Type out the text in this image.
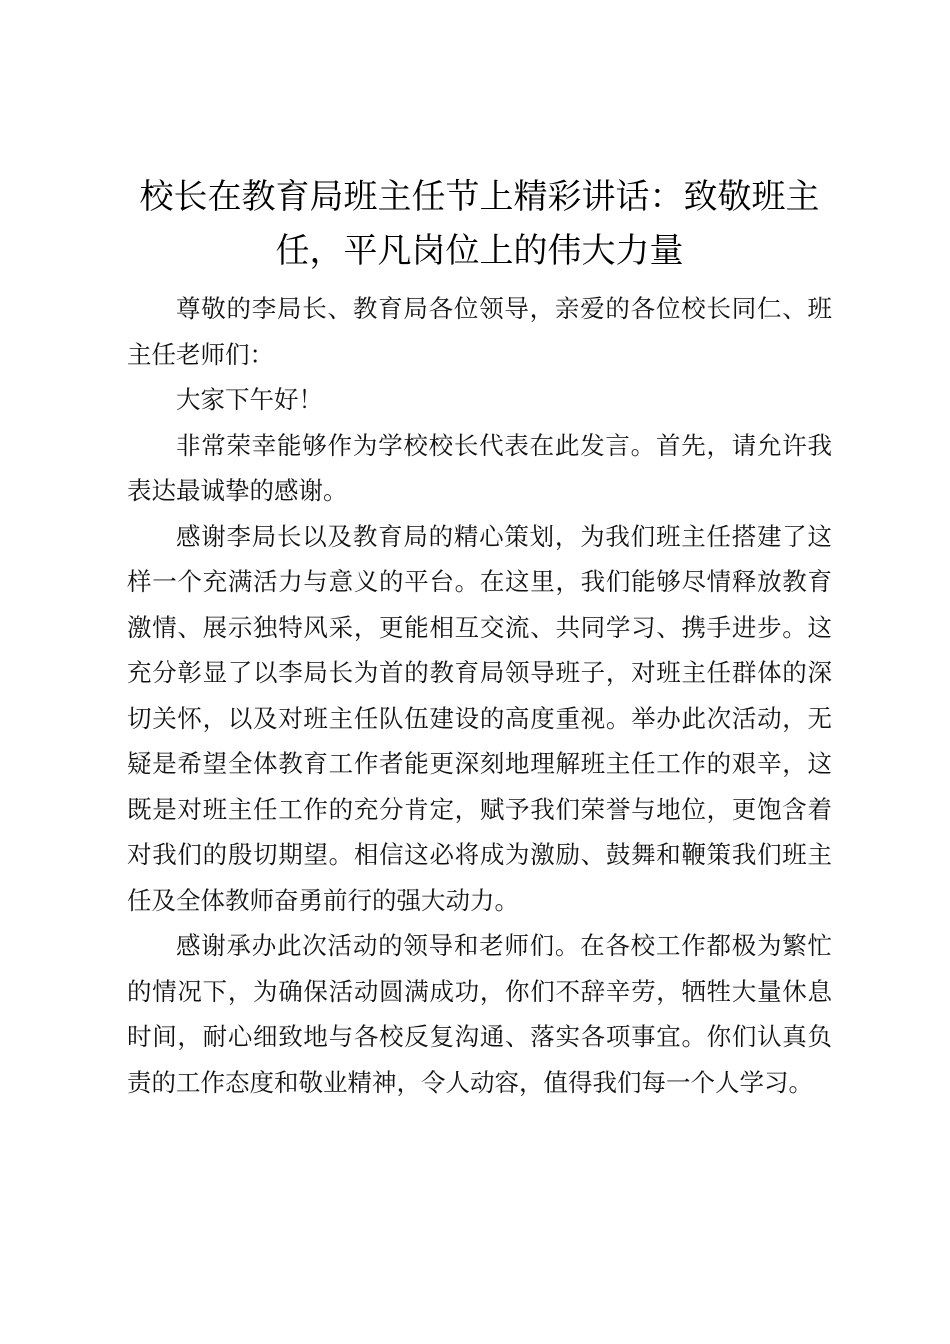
校长在教育局班主任节上精彩讲话：致敬班主任，平凡岗位上的伟大力量

尊敬的李局长、教育局各位领导，亲爱的各位校长同仁、班主任老师们：

大家下午好！

非常荣幸能够作为学校校长代表在此发言。首先，请允许我表达最诚挚的感谢。

感谢李局长以及教育局的精心策划，为我们班主任搭建了这样一个充满活力与意义的平台。在这里，我们能够尽情释放教育激情、展示独特风采，更能相互交流、共同学习、携手进步。这充分彰显了以李局长为首的教育局领导班子，对班主任群体的深切关怀，以及对班主任队伍建设的高度重视。举办此次活动，无疑是希望全体教育工作者能更深刻地理解班主任工作的艰辛，这既是对班主任工作的充分肯定，赋予我们荣誉与地位，更饱含着对我们的殷切期望。相信这必将成为激励、鼓舞和鞭策我们班主任及全体教师奋勇前行的强大动力。

感谢承办此次活动的领导和老师们。在各校工作都极为繁忙的情况下，为确保活动圆满成功，你们不辞辛劳，牺牲大量休息时间，耐心细致地与各校反复沟通、落实各项事宜。你们认真负责的工作态度和敬业精神，令人动容，值得我们每一个人学习。
